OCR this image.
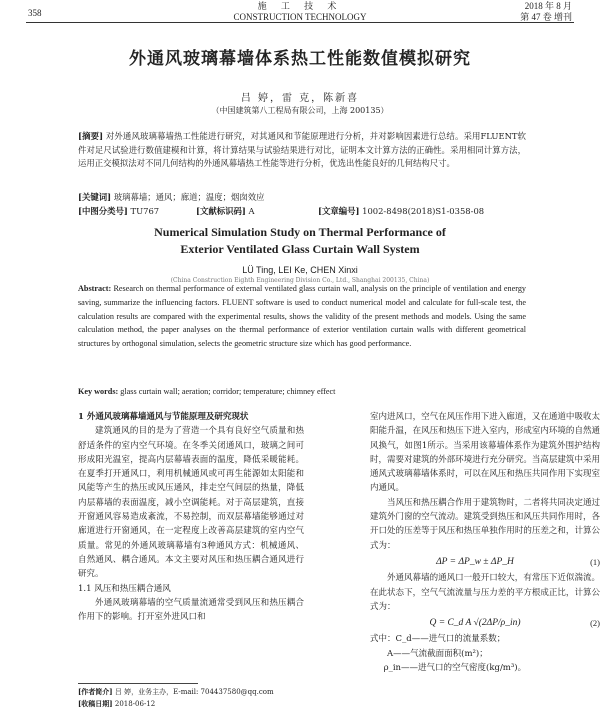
358
施 工 技 术
CONSTRUCTION TECHNOLOGY
2018 年 8 月
第 47 卷 增刊
外通风玻璃幕墙体系热工性能数值模拟研究
吕 婷，雷 克，陈新喜
（中国建筑第八工程局有限公司，上海 200135）
[摘要] 对外通风玻璃幕墙热工性能进行研究，对其通风和节能原理进行分析，并对影响因素进行总结。采用FLUENT软件对足尺试验进行数值建模和计算，将计算结果与试验结果进行对比，证明本文计算方法的正确性。采用相同计算方法，运用正交模拟法对不同几何结构的外通风幕墙热工性能等进行分析，优选出性能良好的几何结构尺寸。
[关键词] 玻璃幕墙；通风；廊道；温度；烟囱效应
[中图分类号] TU767	[文献标识码] A	[文章编号] 1002-8498(2018)S1-0358-08
Numerical Simulation Study on Thermal Performance of
Exterior Ventilated Glass Curtain Wall System
LÜ Ting, LEI Ke, CHEN Xinxi
(China Construction Eighth Engineering Division Co., Ltd., Shanghai 200135, China)
Abstract: Research on thermal performance of external ventilated glass curtain wall, analysis on the principle of ventilation and energy saving, summarize the influencing factors. FLUENT software is used to conduct numerical model and calculate for full-scale test, the calculation results are compared with the experimental results, shows the validity of the present methods and models. Using the same calculation method, the paper analyses on the thermal performance of exterior ventilation curtain walls with different geometrical structures by orthogonal simulation, selects the geometric structure size which has good performance.
Key words: glass curtain wall; aeration; corridor; temperature; chimney effect

1 外通风玻璃幕墙通风与节能原理及研究现状

建筑通风的目的是为了营造一个具有良好空气质量和热舒适条件的室内空气环境。在冬季关闭通风口，玻璃之间可形成阳光温室，提高内层幕墙表面的温度，降低采暖能耗。在夏季打开通风口，利用机械通风或可再生能源如太阳能和风能等产生的热压或风压通风，排走空气间层的热量，降低内层幕墙的表面温度，减小空调能耗。对于高层建筑，直接开窗通风容易造成紊流，不易控制，而双层幕墙能够通过对廊道进行开窗通风，在一定程度上改善高层建筑的室内空气质量。常见的外通风玻璃幕墙有3种通风方式：机械通风、自然通风、耦合通风。本文主要对风压和热压耦合通风进行研究。

1.1 风压和热压耦合通风

外通风玻璃幕墙的空气质量流通常受到风压和热压耦合作用下的影响。打开室外进风口和

室内进风口，空气在风压作用下进入廊道，又在通道中吸收太阳能升温，在风压和热压下进入室内，形成室内环境的自然通风换气，如图1所示。当采用该幕墙体系作为建筑外围护结构时，需要对建筑的外部环境进行充分研究。当高层建筑中采用通风式玻璃幕墙体系时，可以在风压和热压共同作用下实现室内通风。

当风压和热压耦合作用于建筑物时，二者将共同决定通过建筑外门窗的空气流动。建筑受到热压和风压共同作用时，各开口处的压差等于风压和热压单独作用时的压差之和，计算公式为：

ΔP = ΔP_w ± ΔP_H	(1)

外通风幕墙的通风口一般开口较大，有常压下近似湍流。在此状态下，空气气流流量与压力差的平方根成正比，计算公式为：

Q = C_d A √(2ΔP/ρ_in)	(2)
式中：C_d——进气口的流量系数；
A——气流截面面积(m²)；
ρ_in——进气口的空气密度(kg/m³)。
[作者简介] 吕 婷，业务主办，E-mail: 704437580@qq.com
[收稿日期] 2018-06-12
